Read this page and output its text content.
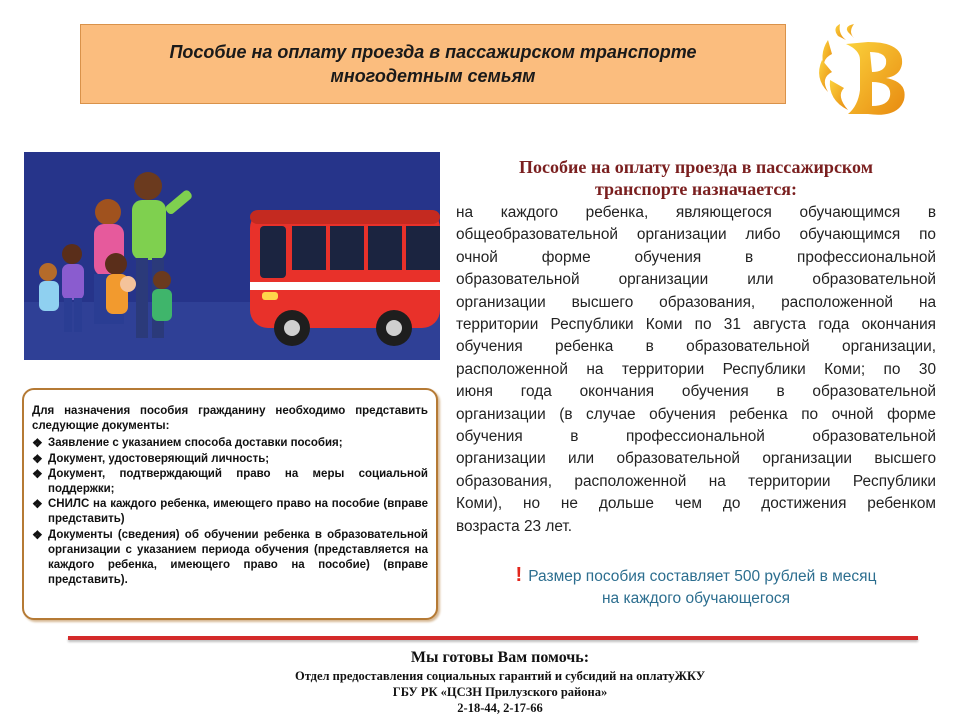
Пособие на оплату проезда в пассажирском транспорте
многодетным семьям
Пособие на оплату проезда в пассажирском
транспорте назначается:
на каждого ребенка, являющегося обучающимся в
общеобразовательной организации либо обучающимся по
очной форме обучения в профессиональной
образовательной организации или образовательной
организации высшего образования, расположенной на
территории Республики Коми по 31 августа года окончания
обучения ребенка в образовательной организации,
расположенной на территории Республики Коми; по 30
июня года окончания обучения в образовательной
организации (в случае обучения ребенка по очной форме
обучения в профессиональной образовательной
организации или образовательной организации высшего
образования, расположенной на территории Республики
Коми), но не дольше чем до достижения ребенком
возраста 23 лет.
! Размер пособия составляет 500 рублей в месяц
на каждого обучающегося
Для назначения пособия гражданину необходимо представить следующие документы:
❖ Заявление с указанием способа доставки пособия;
❖ Документ, удостоверяющий личность;
❖ Документ, подтверждающий право на меры социальной поддержки;
❖ СНИЛС на каждого ребенка, имеющего право на пособие (вправе представить)
❖ Документы (сведения) об обучении ребенка в образовательной организации с указанием периода обучения (представляется на каждого ребенка, имеющего право на пособие) (вправе представить).
Мы готовы Вам помочь:
Отдел предоставления социальных гарантий и субсидий на оплатуЖКУ
ГБУ РК «ЦСЗН Прилузского района»
2-18-44, 2-17-66
